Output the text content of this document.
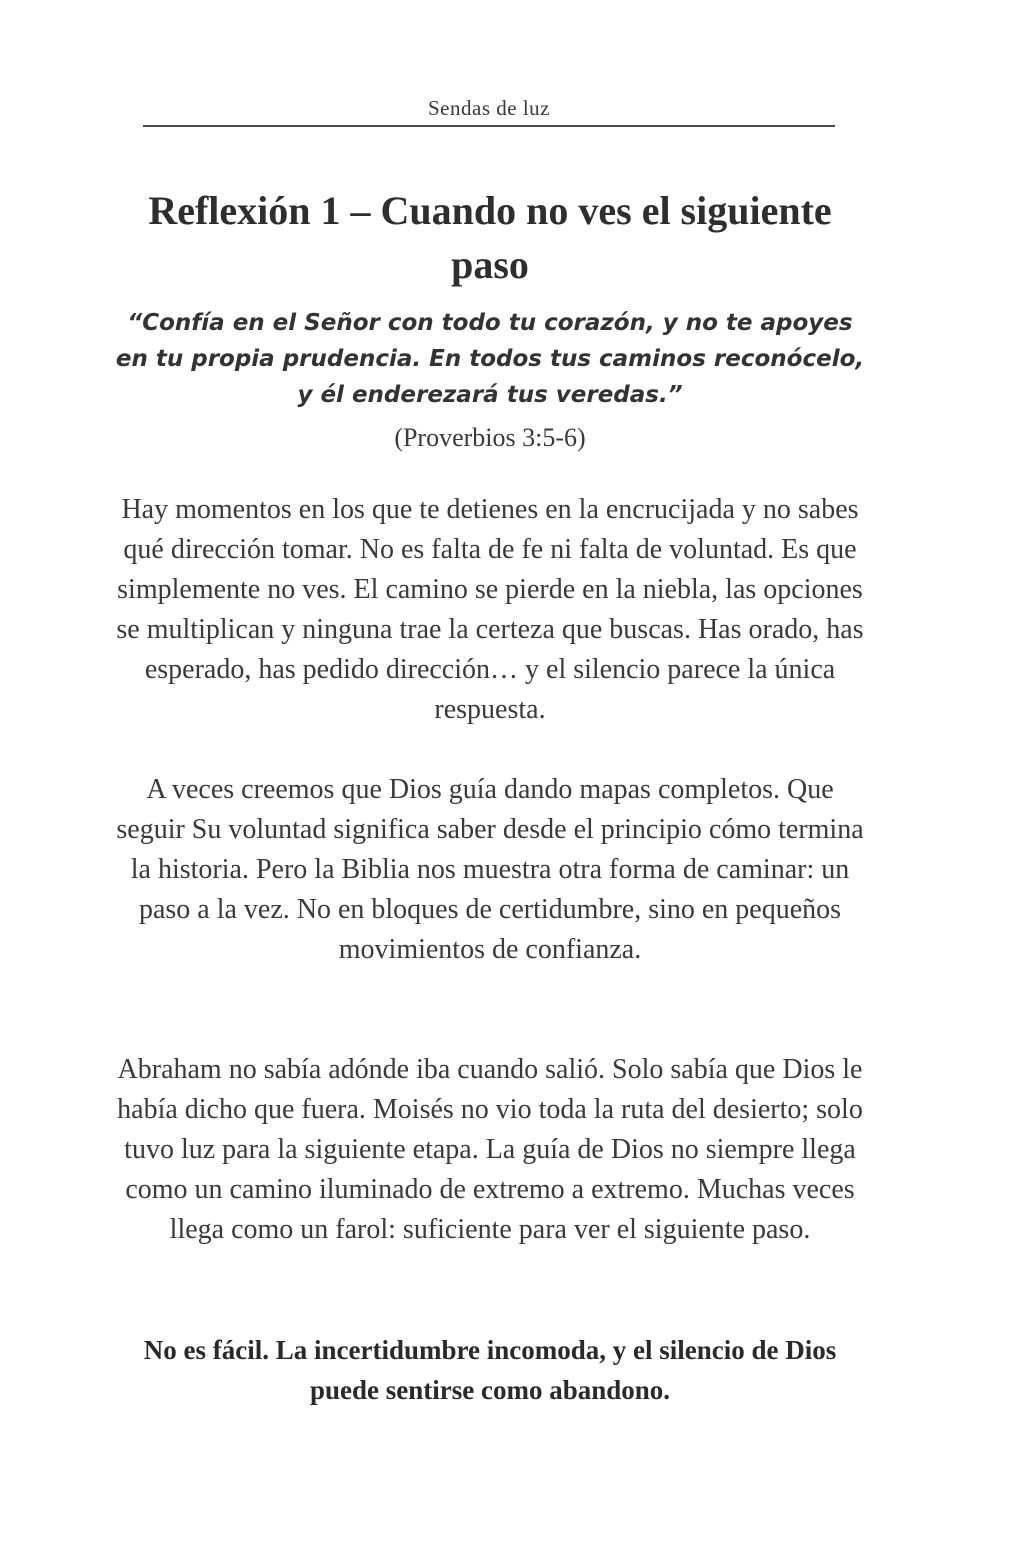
Sendas de luz
Reflexión 1 – Cuando no ves el siguiente paso
“Confía en el Señor con todo tu corazón, y no te apoyes en tu propia prudencia. En todos tus caminos reconócelo, y él enderezará tus veredas.”
(Proverbios 3:5-6)

Hay momentos en los que te detienes en la encrucijada y no sabes qué dirección tomar. No es falta de fe ni falta de voluntad. Es que simplemente no ves. El camino se pierde en la niebla, las opciones se multiplican y ninguna trae la certeza que buscas. Has orado, has esperado, has pedido dirección… y el silencio parece la única respuesta.

A veces creemos que Dios guía dando mapas completos. Que seguir Su voluntad significa saber desde el principio cómo termina la historia. Pero la Biblia nos muestra otra forma de caminar: un paso a la vez. No en bloques de certidumbre, sino en pequeños movimientos de confianza.

Abraham no sabía adónde iba cuando salió. Solo sabía que Dios le había dicho que fuera. Moisés no vio toda la ruta del desierto; solo tuvo luz para la siguiente etapa. La guía de Dios no siempre llega como un camino iluminado de extremo a extremo. Muchas veces llega como un farol: suficiente para ver el siguiente paso.

No es fácil. La incertidumbre incomoda, y el silencio de Dios puede sentirse como abandono.
